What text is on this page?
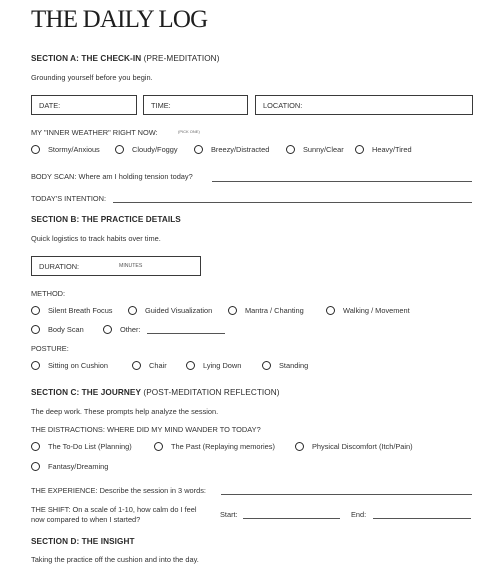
THE DAILY LOG
SECTION A: THE CHECK-IN (PRE-MEDITATION)
Grounding yourself before you begin.
DATE:	TIME:	LOCATION:
MY "INNER WEATHER" RIGHT NOW:	(PICK ONE)
Stormy/Anxious	Cloudy/Foggy	Breezy/Distracted	Sunny/Clear	Heavy/Tired
BODY SCAN: Where am I holding tension today?
TODAY'S INTENTION:
SECTION B: THE PRACTICE DETAILS
Quick logistics to track habits over time.
DURATION:	MINUTES
METHOD:
Silent Breath Focus	Guided Visualization	Mantra / Chanting	Walking / Movement
Body Scan	Other:
POSTURE:
Sitting on Cushion	Chair	Lying Down	Standing
SECTION C: THE JOURNEY (POST-MEDITATION REFLECTION)
The deep work. These prompts help analyze the session.
THE DISTRACTIONS: WHERE DID MY MIND WANDER TO TODAY?
The To-Do List (Planning)	The Past (Replaying memories)	Physical Discomfort (Itch/Pain)
Fantasy/Dreaming
THE EXPERIENCE: Describe the session in 3 words:
THE SHIFT: On a scale of 1-10, how calm do I feel
now compared to when I started?
Start:	End:
SECTION D: THE INSIGHT
Taking the practice off the cushion and into the day.
